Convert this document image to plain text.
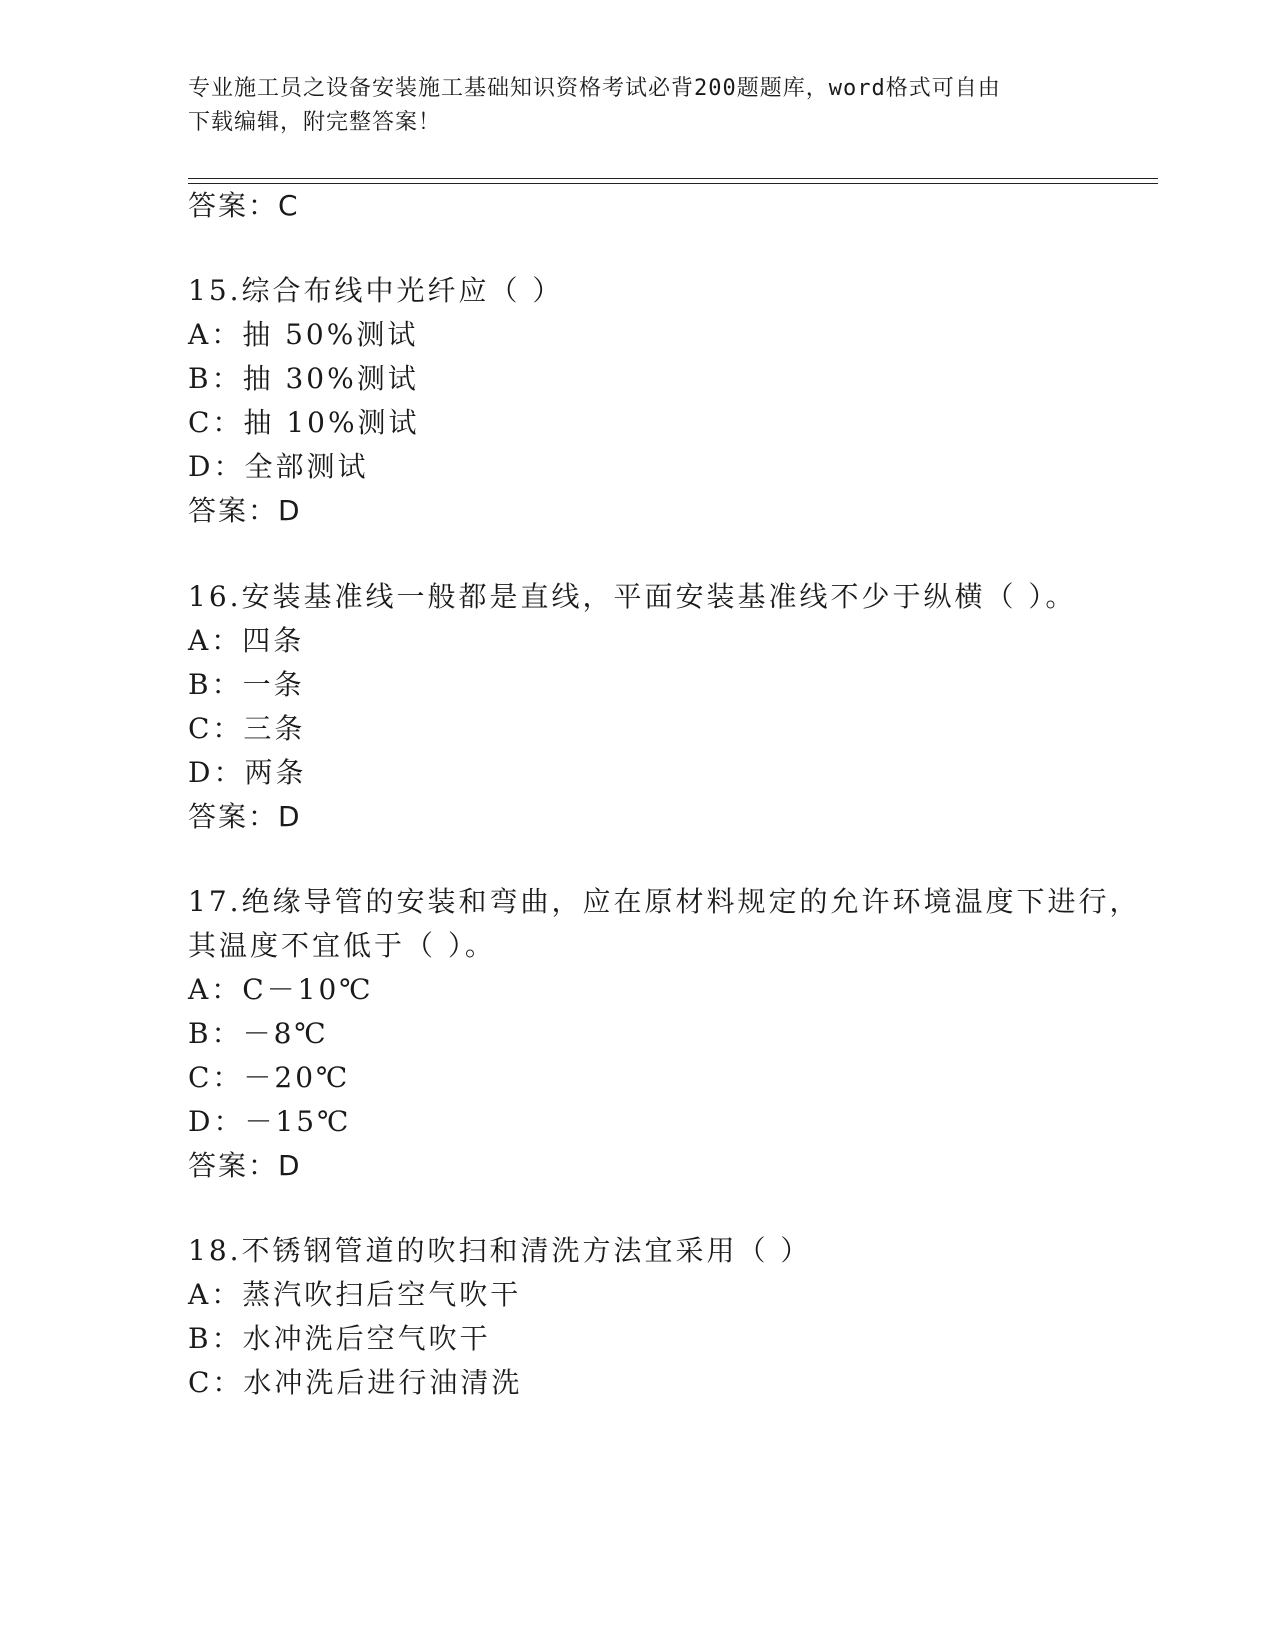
专业施工员之设备安装施工基础知识资格考试必背200题题库，word格式可自由
下载编辑，附完整答案！
答案：C
15.综合布线中光纤应（ ）
A：抽 50%测试
B：抽 30%测试
C：抽 10%测试
D：全部测试
答案：D
16.安装基准线一般都是直线，平面安装基准线不少于纵横（ ）。
A：四条
B：一条
C：三条
D：两条
答案：D
17.绝缘导管的安装和弯曲，应在原材料规定的允许环境温度下进行，
其温度不宜低于（ ）。
A：C－10℃
B：－8℃
C：－20℃
D：－15℃
答案：D
18.不锈钢管道的吹扫和清洗方法宜采用（ ）
A：蒸汽吹扫后空气吹干
B：水冲洗后空气吹干
C：水冲洗后进行油清洗
